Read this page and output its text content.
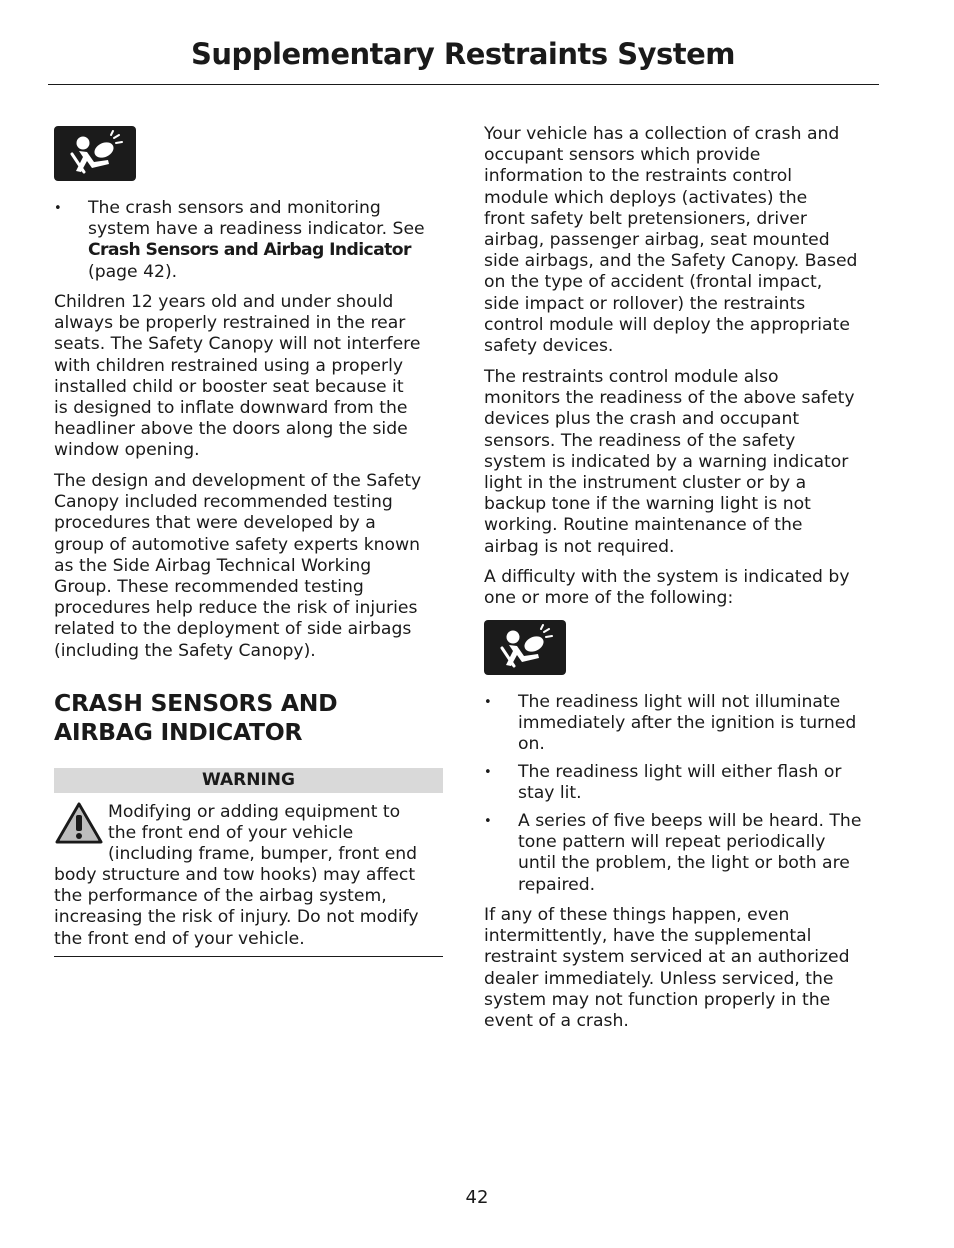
Supplementary Restraints System
•	The crash sensors and monitoring
system have a readiness indicator. See
Crash Sensors and Airbag Indicator
(page 42).
Children 12 years old and under should
always be properly restrained in the rear
seats. The Safety Canopy will not interfere
with children restrained using a properly
installed child or booster seat because it
is designed to inflate downward from the
headliner above the doors along the side
window opening.
The design and development of the Safety
Canopy included recommended testing
procedures that were developed by a
group of automotive safety experts known
as the Side Airbag Technical Working
Group. These recommended testing
procedures help reduce the risk of injuries
related to the deployment of side airbags
(including the Safety Canopy).
CRASH SENSORS AND
AIRBAG INDICATOR
WARNING
Modifying or adding equipment to
the front end of your vehicle
(including frame, bumper, front end
body structure and tow hooks) may affect
the performance of the airbag system,
increasing the risk of injury. Do not modify
the front end of your vehicle.
Your vehicle has a collection of crash and
occupant sensors which provide
information to the restraints control
module which deploys (activates) the
front safety belt pretensioners, driver
airbag, passenger airbag, seat mounted
side airbags, and the Safety Canopy. Based
on the type of accident (frontal impact,
side impact or rollover) the restraints
control module will deploy the appropriate
safety devices.
The restraints control module also
monitors the readiness of the above safety
devices plus the crash and occupant
sensors. The readiness of the safety
system is indicated by a warning indicator
light in the instrument cluster or by a
backup tone if the warning light is not
working. Routine maintenance of the
airbag is not required.
A difficulty with the system is indicated by
one or more of the following:
•	The readiness light will not illuminate
immediately after the ignition is turned
on.
•	The readiness light will either flash or
stay lit.
•	A series of five beeps will be heard. The
tone pattern will repeat periodically
until the problem, the light or both are
repaired.
If any of these things happen, even
intermittently, have the supplemental
restraint system serviced at an authorized
dealer immediately. Unless serviced, the
system may not function properly in the
event of a crash.
42
